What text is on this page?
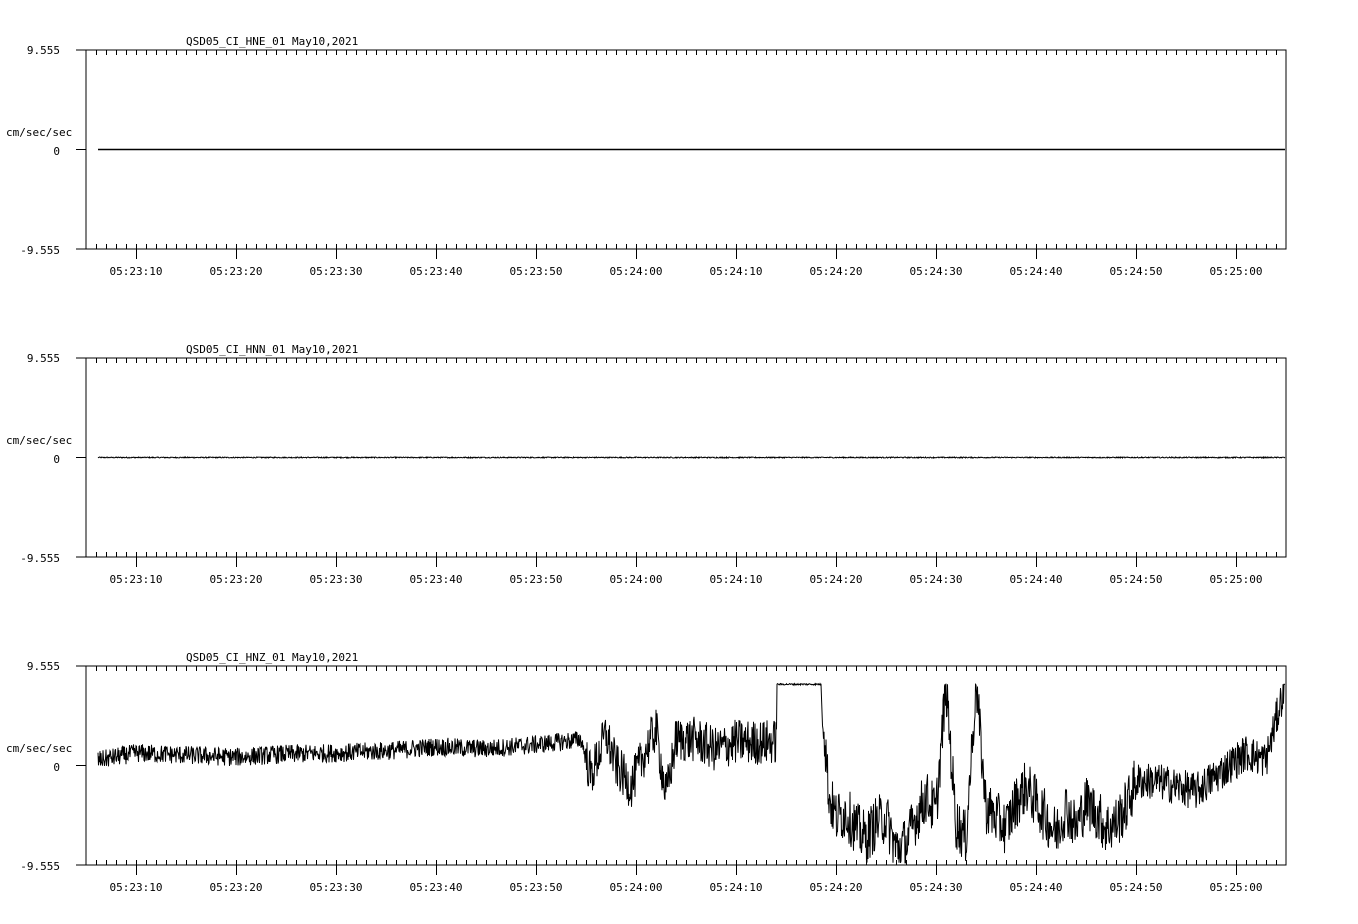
QSD05_CI_HNE_01 May10,2021
9.555
cm/sec/sec
0
-9.555
05:23:10	05:23:20	05:23:30	05:23:40	05:23:50	05:24:00	05:24:10	05:24:20	05:24:30	05:24:40	05:24:50	05:25:00
QSD05_CI_HNN_01 May10,2021
9.555
cm/sec/sec
0
-9.555
05:23:10	05:23:20	05:23:30	05:23:40	05:23:50	05:24:00	05:24:10	05:24:20	05:24:30	05:24:40	05:24:50	05:25:00
QSD05_CI_HNZ_01 May10,2021
9.555
cm/sec/sec
0
-9.555
05:23:10	05:23:20	05:23:30	05:23:40	05:23:50	05:24:00	05:24:10	05:24:20	05:24:30	05:24:40	05:24:50	05:25:00
